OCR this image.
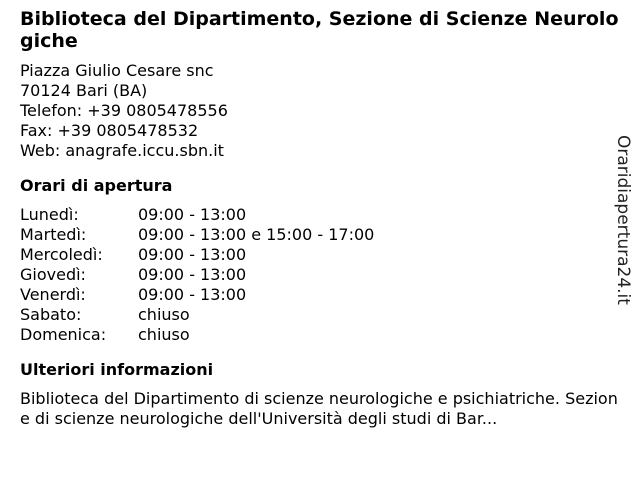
Biblioteca del Dipartimento, Sezione di Scienze Neurologiche
Piazza Giulio Cesare snc
70124 Bari (BA)
Telefon: +39 0805478556
Fax: +39 0805478532
Web: anagrafe.iccu.sbn.it
Orari di apertura
Lunedì:	09:00 - 13:00
Martedì:	09:00 - 13:00 e 15:00 - 17:00
Mercoledì:	09:00 - 13:00
Giovedì:	09:00 - 13:00
Venerdì:	09:00 - 13:00
Sabato:	chiuso
Domenica:	chiuso
Ulteriori informazioni
Biblioteca del Dipartimento di scienze neurologiche e psichiatriche. Sezione di scienze neurologiche dell'Università degli studi di Bar...
Oraridiapertura24.it
